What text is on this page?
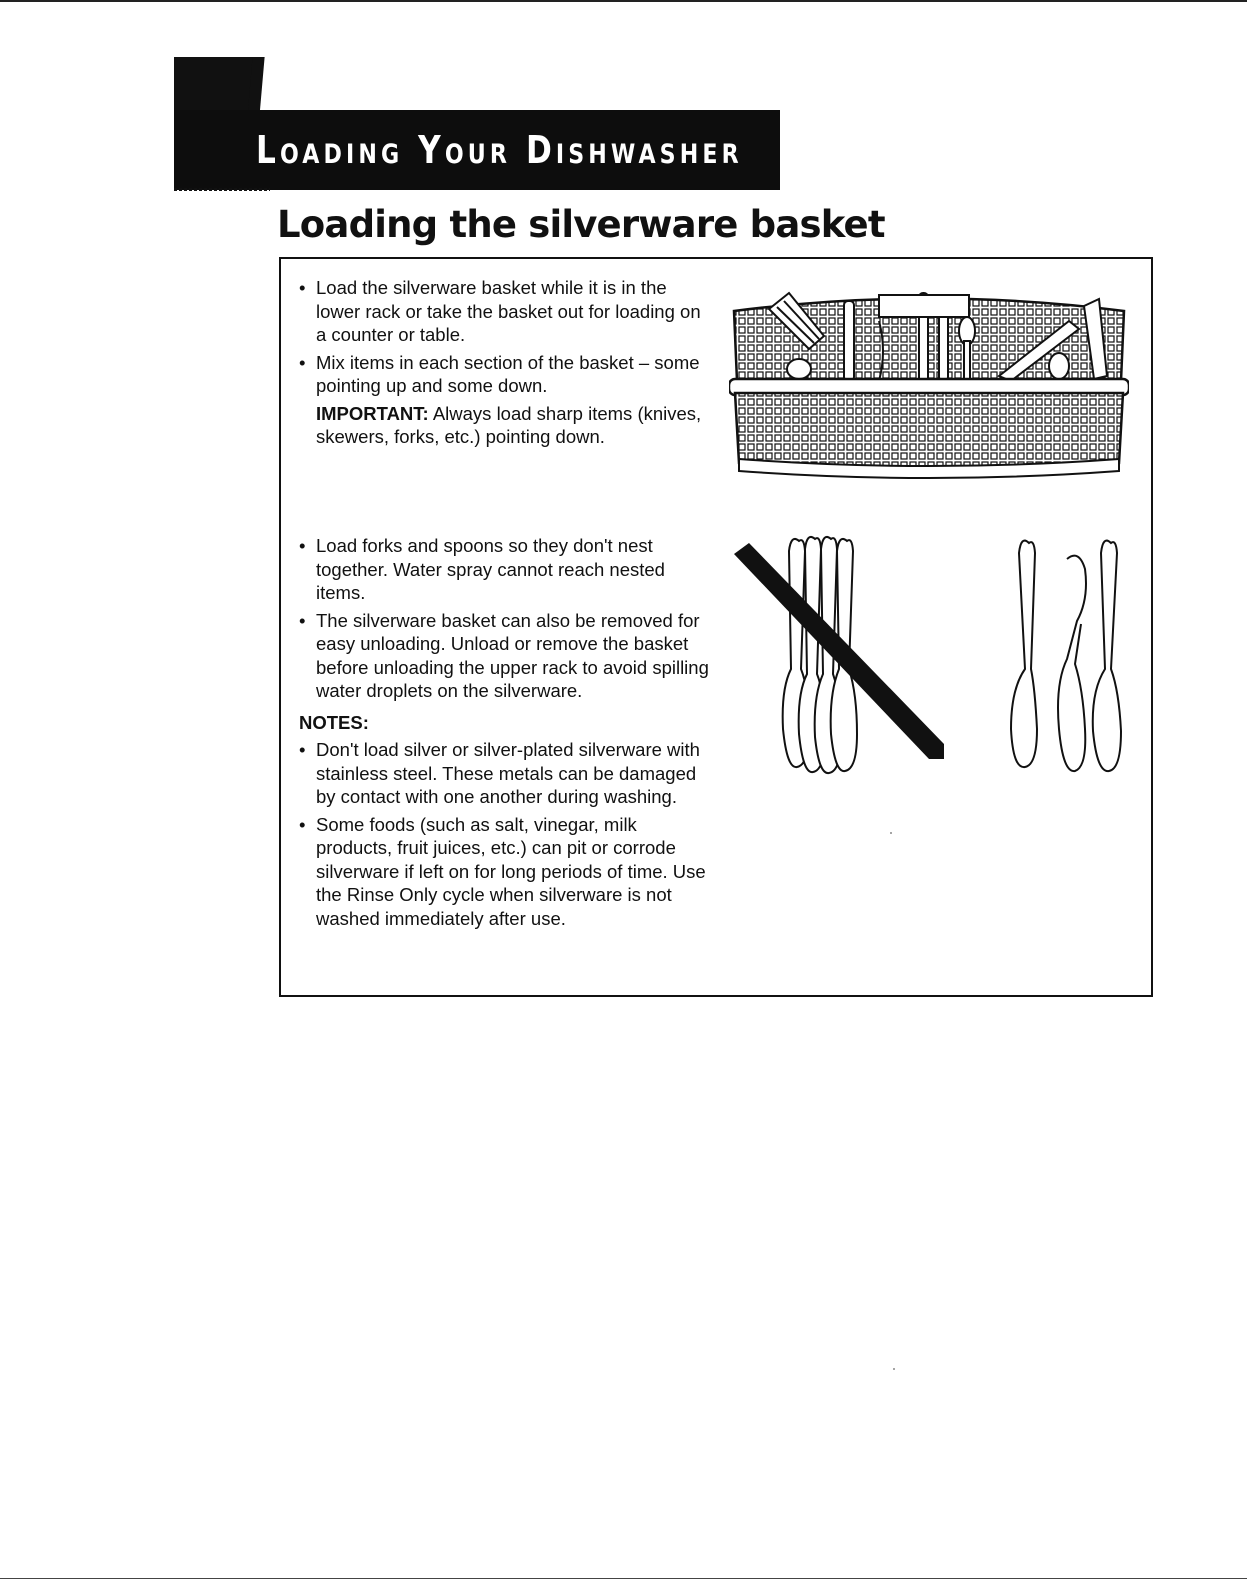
Loading Your Dishwasher
Loading the silverware basket

• Load the silverware basket while it is in the lower rack or take the basket out for loading on a counter or table.

• Mix items in each section of the basket – some pointing up and some down.

IMPORTANT: Always load sharp items (knives, skewers, forks, etc.) pointing down.

• Load forks and spoons so they don't nest together. Water spray cannot reach nested items.

• The silverware basket can also be removed for easy unloading. Unload or remove the basket before unloading the upper rack to avoid spilling water droplets on the silverware.

NOTES:

• Don't load silver or silver-plated silverware with stainless steel. These metals can be damaged by contact with one another during washing.

• Some foods (such as salt, vinegar, milk products, fruit juices, etc.) can pit or corrode silverware if left on for long periods of time. Use the Rinse Only cycle when silverware is not washed immediately after use.
